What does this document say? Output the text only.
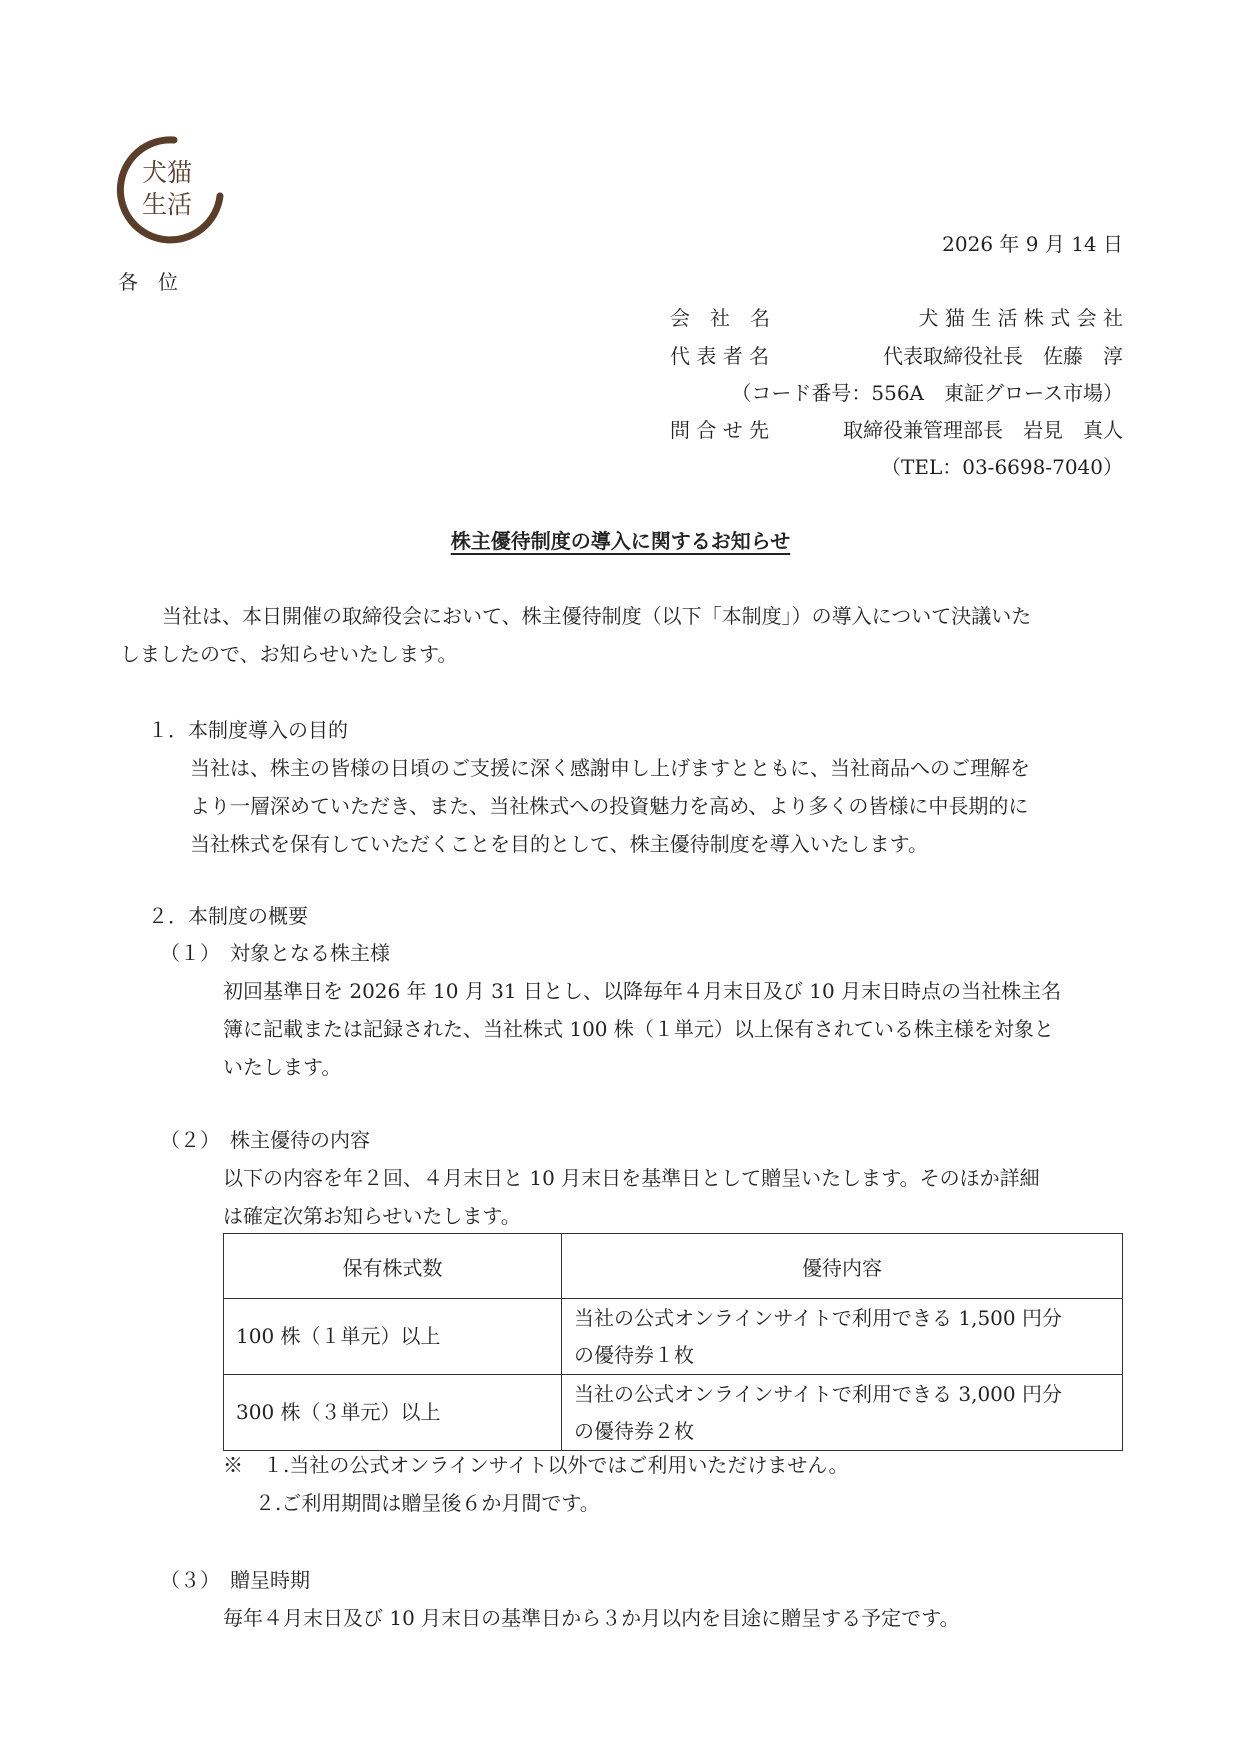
犬猫
生活
2026 年 9 月 14 日
各　位
会　社　名	犬 猫 生 活 株 式 会 社
代 表 者 名	代表取締役社長　佐藤　淳
（コード番号：556A　東証グロース市場）
問 合 せ 先	取締役兼管理部長　岩見　真人
（TEL：03-6698-7040）
株主優待制度の導入に関するお知らせ
当社は、本日開催の取締役会において、株主優待制度（以下「本制度」）の導入について決議いた
しましたので、お知らせいたします。
１．本制度導入の目的
当社は、株主の皆様の日頃のご支援に深く感謝申し上げますとともに、当社商品へのご理解を
より一層深めていただき、また、当社株式への投資魅力を高め、より多くの皆様に中長期的に
当社株式を保有していただくことを目的として、株主優待制度を導入いたします。
２．本制度の概要
（１）　対象となる株主様
初回基準日を 2026 年 10 月 31 日とし、以降毎年４月末日及び 10 月末日時点の当社株主名
簿に記載または記録された、当社株式 100 株（１単元）以上保有されている株主様を対象と
いたします。
（２）　株主優待の内容
以下の内容を年２回、４月末日と 10 月末日を基準日として贈呈いたします。そのほか詳細
は確定次第お知らせいたします。
保有株式数	優待内容
100 株（１単元）以上	当社の公式オンラインサイトで利用できる 1,500 円分
の優待券１枚

300 株（３単元）以上	当社の公式オンラインサイトで利用できる 3,000 円分
の優待券２枚
※　１.当社の公式オンラインサイト以外ではご利用いただけません。
２.ご利用期間は贈呈後６か月間です。
（３）　贈呈時期
毎年４月末日及び 10 月末日の基準日から３か月以内を目途に贈呈する予定です。
